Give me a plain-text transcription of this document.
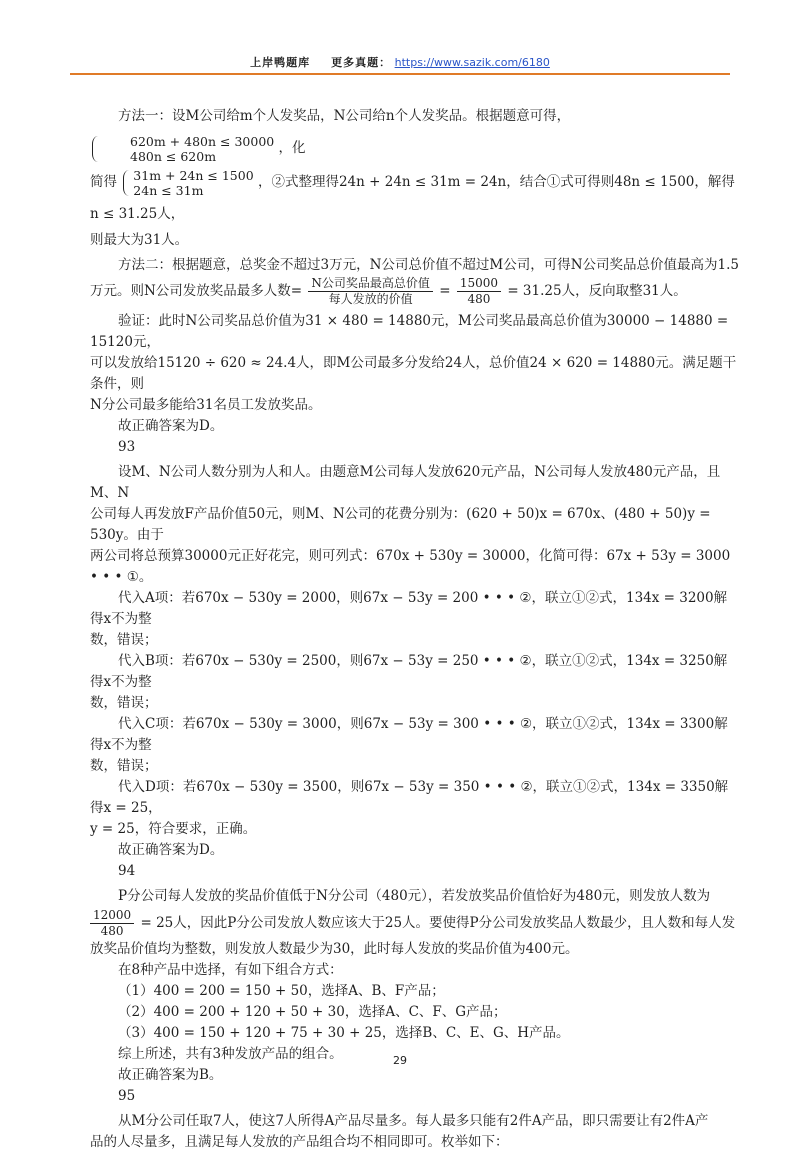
上岸鸭题库 更多真题： https://www.sazik.com/6180

方法一：设M公司给m个人发奖品，N公司给n个人发奖品。根据题意可得，
620m + 480n ≤ 30000
480n ≤ 620m	，化

简得 31m + 24n ≤ 1500
24n ≤ 31m	，②式整理得24n + 24n ≤ 31m = 24n，结合①式可得则48n ≤ 1500，解得n ≤ 31.25人，

则最大为31人。

方法二：根据题意，总奖金不超过3万元，N公司总价值不超过M公司，可得N公司奖品总价值最高为1.5

万元。则N公司发放奖品最多人数= $\frac{\text{N公司奖品最高总价值}}{\text{每人发放的价值}} = \frac{15000}{480} = 31.25$人，反向取整31人。

验证：此时N公司奖品总价值为31 × 480 = 14880元，M公司奖品最高总价值为30000 − 14880 = 15120元，

可以发放给15120 ÷ 620 ≈ 24.4人，即M公司最多分发给24人，总价值24 × 620 = 14880元。满足题干条件，则

N分公司最多能给31名员工发放奖品。

故正确答案为D。

93

设M、N公司人数分别为人和人。由题意M公司每人发放620元产品，N公司每人发放480元产品，且M、N

公司每人再发放F产品价值50元，则M、N公司的花费分别为：(620 + 50)x = 670x、(480 + 50)y = 530y。由于

两公司将总预算30000元正好花完，则可列式：670x + 530y = 30000，化简可得：67x + 53y = 3000 • • • ①。

代入A项：若670x − 530y = 2000，则67x − 53y = 200 • • • ②，联立①②式，134x = 3200解得x不为整

数，错误；

代入B项：若670x − 530y = 2500，则67x − 53y = 250 • • • ②，联立①②式，134x = 3250解得x不为整

数，错误；

代入C项：若670x − 530y = 3000，则67x − 53y = 300 • • • ②，联立①②式，134x = 3300解得x不为整

数，错误；

代入D项：若670x − 530y = 3500，则67x − 53y = 350 • • • ②，联立①②式，134x = 3350解得x = 25，

y = 25，符合要求，正确。

故正确答案为D。

94

P分公司每人发放的奖品价值低于N分公司（480元），若发放奖品价值恰好为480元，则发放人数为

$\frac{12000}{480} = 25$人，因此P分公司发放人数应该大于25人。要使得P分公司发放奖品人数最少，且人数和每人发

放奖品价值均为整数，则发放人数最少为30，此时每人发放的奖品价值为400元。

在8种产品中选择，有如下组合方式：

（1）400 = 200 = 150 + 50，选择A、B、F产品；

（2）400 = 200 + 120 + 50 + 30，选择A、C、F、G产品；

（3）400 = 150 + 120 + 75 + 30 + 25，选择B、C、E、G、H产品。

综上所述，共有3种发放产品的组合。

故正确答案为B。

95

从M分公司任取7人，使这7人所得A产品尽量多。每人最多只能有2件A产品，即只需要让有2件A产

品的人尽量多，且满足每人发放的产品组合均不相同即可。枚举如下：

29
